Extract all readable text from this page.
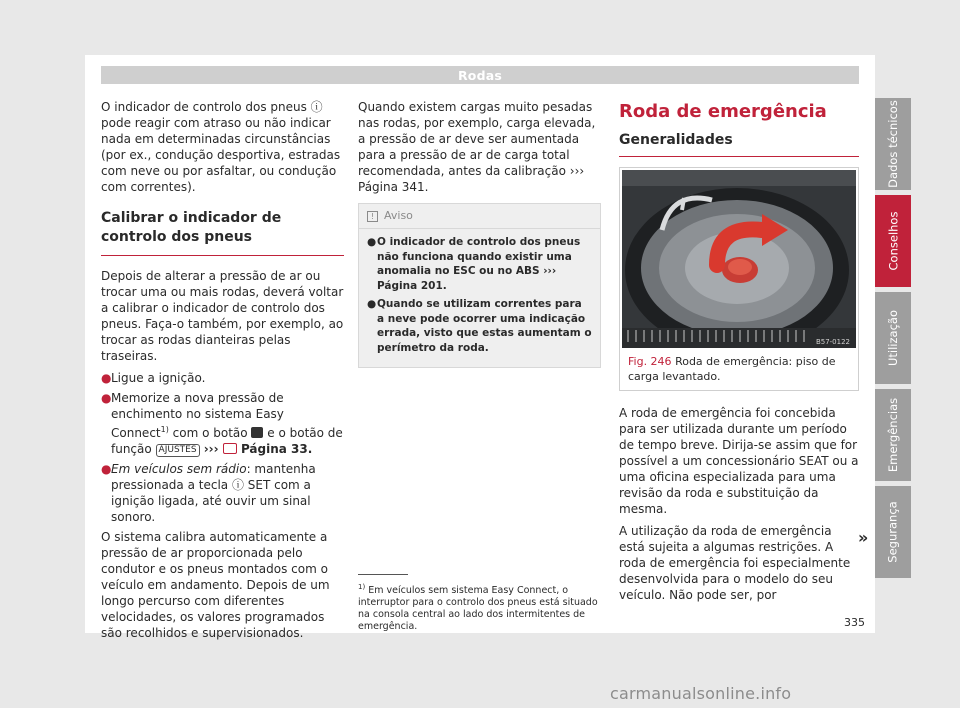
Rodas

O indicador de controlo dos pneus ⓘ pode reagir com atraso ou não indicar nada em determinadas circunstâncias (por ex., condução desportiva, estradas com neve ou por asfaltar, ou condução com correntes).

Calibrar o indicador de controlo dos pneus

Depois de alterar a pressão de ar ou trocar uma ou mais rodas, deverá voltar a calibrar o indicador de controlo dos pneus. Faça-o também, por exemplo, ao trocar as rodas dianteiras pelas traseiras.

● Ligue a ignição.
● Memorize a nova pressão de enchimento no sistema Easy Connect$^{1)}$ com o botão  e o botão de função AJUSTES ›››  Página 33.
● Em veículos sem rádio: mantenha pressionada a tecla ⓘ SET com a ignição ligada, até ouvir um sinal sonoro.

O sistema calibra automaticamente a pressão de ar proporcionada pelo condutor e os pneus montados com o veículo em andamento. Depois de um longo percurso com diferentes velocidades, os valores programados são recolhidos e supervisionados.

Quando existem cargas muito pesadas nas rodas, por exemplo, carga elevada, a pressão de ar deve ser aumentada para a pressão de ar de carga total recomendada, antes da calibração ››› Página 341.

! Aviso
● O indicador de controlo dos pneus não funciona quando existir uma anomalia no ESC ou no ABS ››› Página 201.
● Quando se utilizam correntes para a neve pode ocorrer uma indicação errada, visto que estas aumentam o perímetro da roda.
Roda de emergência
Generalidades
B57-0122
Fig. 246 Roda de emergência: piso de carga levantado.

A roda de emergência foi concebida para ser utilizada durante um período de tempo breve. Dirija-se assim que for possível a um concessionário SEAT ou a uma oficina especializada para uma revisão da roda e substituição da mesma.

A utilização da roda de emergência está sujeita a algumas restrições. A roda de emergência foi especialmente desenvolvida para o modelo do seu veículo. Não pode ser, por

»
$^{1)}$ Em veículos sem sistema Easy Connect, o interruptor para o controlo dos pneus está situado na consola central ao lado dos intermitentes de emergência.	335
Dados técnicos
Conselhos
Utilização
Emergências
Segurança
carmanualsonline.info
